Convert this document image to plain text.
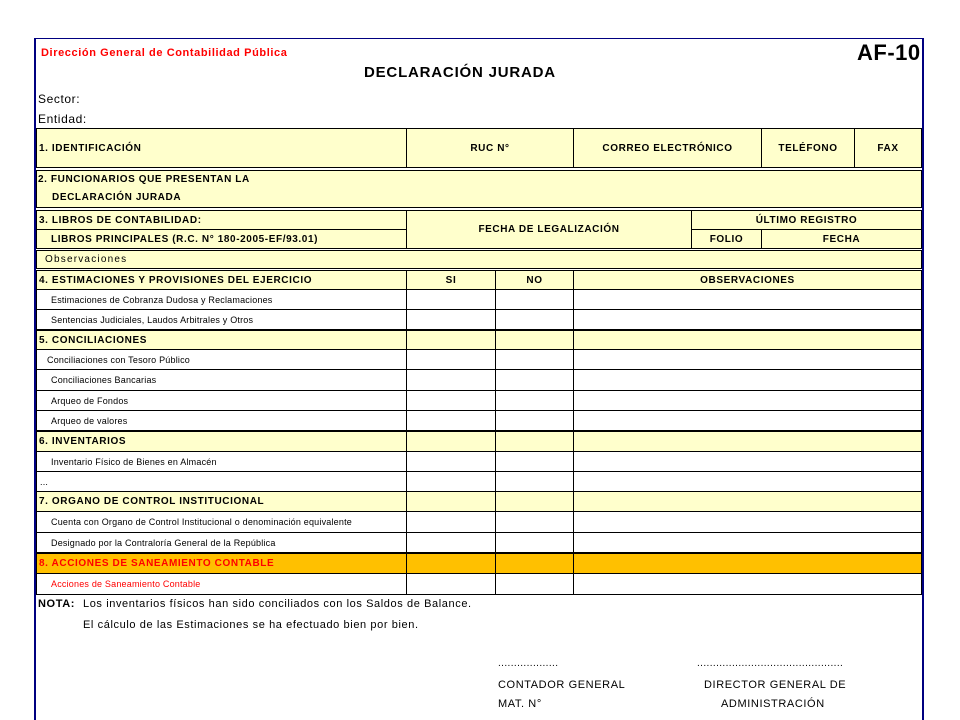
Dirección General de Contabilidad Pública	AF-10
DECLARACIÓN JURADA
Sector:
Entidad:
1. IDENTIFICACIÓN	RUC N°	CORREO ELECTRÓNICO	TELÉFONO	FAX
2. FUNCIONARIOS QUE PRESENTAN LA
DECLARACIÓN JURADA
3. LIBROS DE CONTABILIDAD:
LIBROS PRINCIPALES (R.C. N° 180-2005-EF/93.01)
FECHA DE LEGALIZACIÓN
ÚLTIMO REGISTRO
FOLIO	FECHA
Observaciones
4. ESTIMACIONES Y PROVISIONES DEL EJERCICIO	SI	NO	OBSERVACIONES
Estimaciones de Cobranza Dudosa y Reclamaciones
Sentencias Judiciales, Laudos Arbitrales y Otros
5. CONCILIACIONES
Conciliaciones con Tesoro Público
Conciliaciones Bancarias
Arqueo de Fondos
Arqueo de valores
6. INVENTARIOS
Inventario Físico de Bienes en Almacén
...
7. ORGANO DE CONTROL INSTITUCIONAL
Cuenta con Organo de Control Institucional o denominación equivalente
Designado por la Contraloría General de la República
8. ACCIONES DE SANEAMIENTO CONTABLE
Acciones de Saneamiento Contable
NOTA: Los inventarios físicos han sido conciliados con los Saldos de Balance.
El cálculo de las Estimaciones se ha efectuado bien por bien.
...................	..............................................
CONTADOR GENERAL
MAT. N°
DIRECTOR GENERAL DE
ADMINISTRACIÓN
